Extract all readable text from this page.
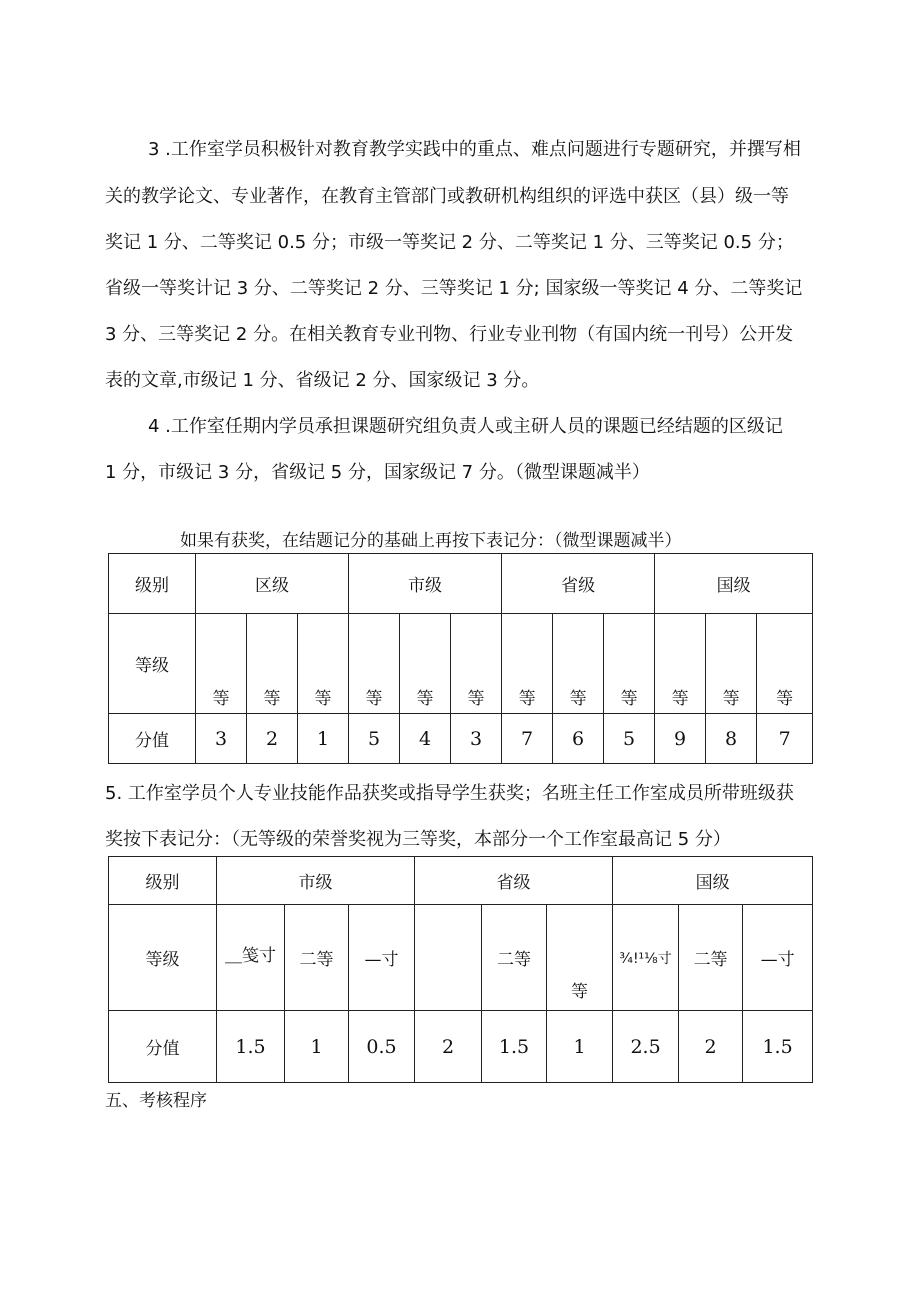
3 .工作室学员积极针对教育教学实践中的重点、难点问题进行专题研究，并撰写相
关的教学论文、专业著作，在教育主管部门或教研机构组织的评选中获区（县）级一等
奖记 1 分、二等奖记 0.5 分；市级一等奖记 2 分、二等奖记 1 分、三等奖记 0.5 分；
省级一等奖计记 3 分、二等奖记 2 分、三等奖记 1 分; 国家级一等奖记 4 分、二等奖记
3 分、三等奖记 2 分。在相关教育专业刊物、行业专业刊物（有国内统一刊号）公开发
表的文章,市级记 1 分、省级记 2 分、国家级记 3 分。
4 .工作室任期内学员承担课题研究组负责人或主研人员的课题已经结题的区级记
1 分，市级记 3 分，省级记 5 分，国家级记 7 分。（微型课题减半）
如果有获奖，在结题记分的基础上再按下表记分：（微型课题减半）
级别	区级			市级			省级			国级		
等级	等	等	等	等	等	等	等	等	等	等	等	等
分值	3	2	1	5	4	3	7	6	5	9	8	7
5. 工作室学员个人专业技能作品获奖或指导学生获奖；名班主任工作室成员所带班级获
奖按下表记分：（无等级的荣誉奖视为三等奖，本部分一个工作室最高记 5 分）
级别	市级			省级			国级		
等级	＿笺寸	二等	—寸		二等	等	¾!¹⅛寸	二等	—寸
分值	1.5	1	0.5	2	1.5	1	2.5	2	1.5
五、考核程序
